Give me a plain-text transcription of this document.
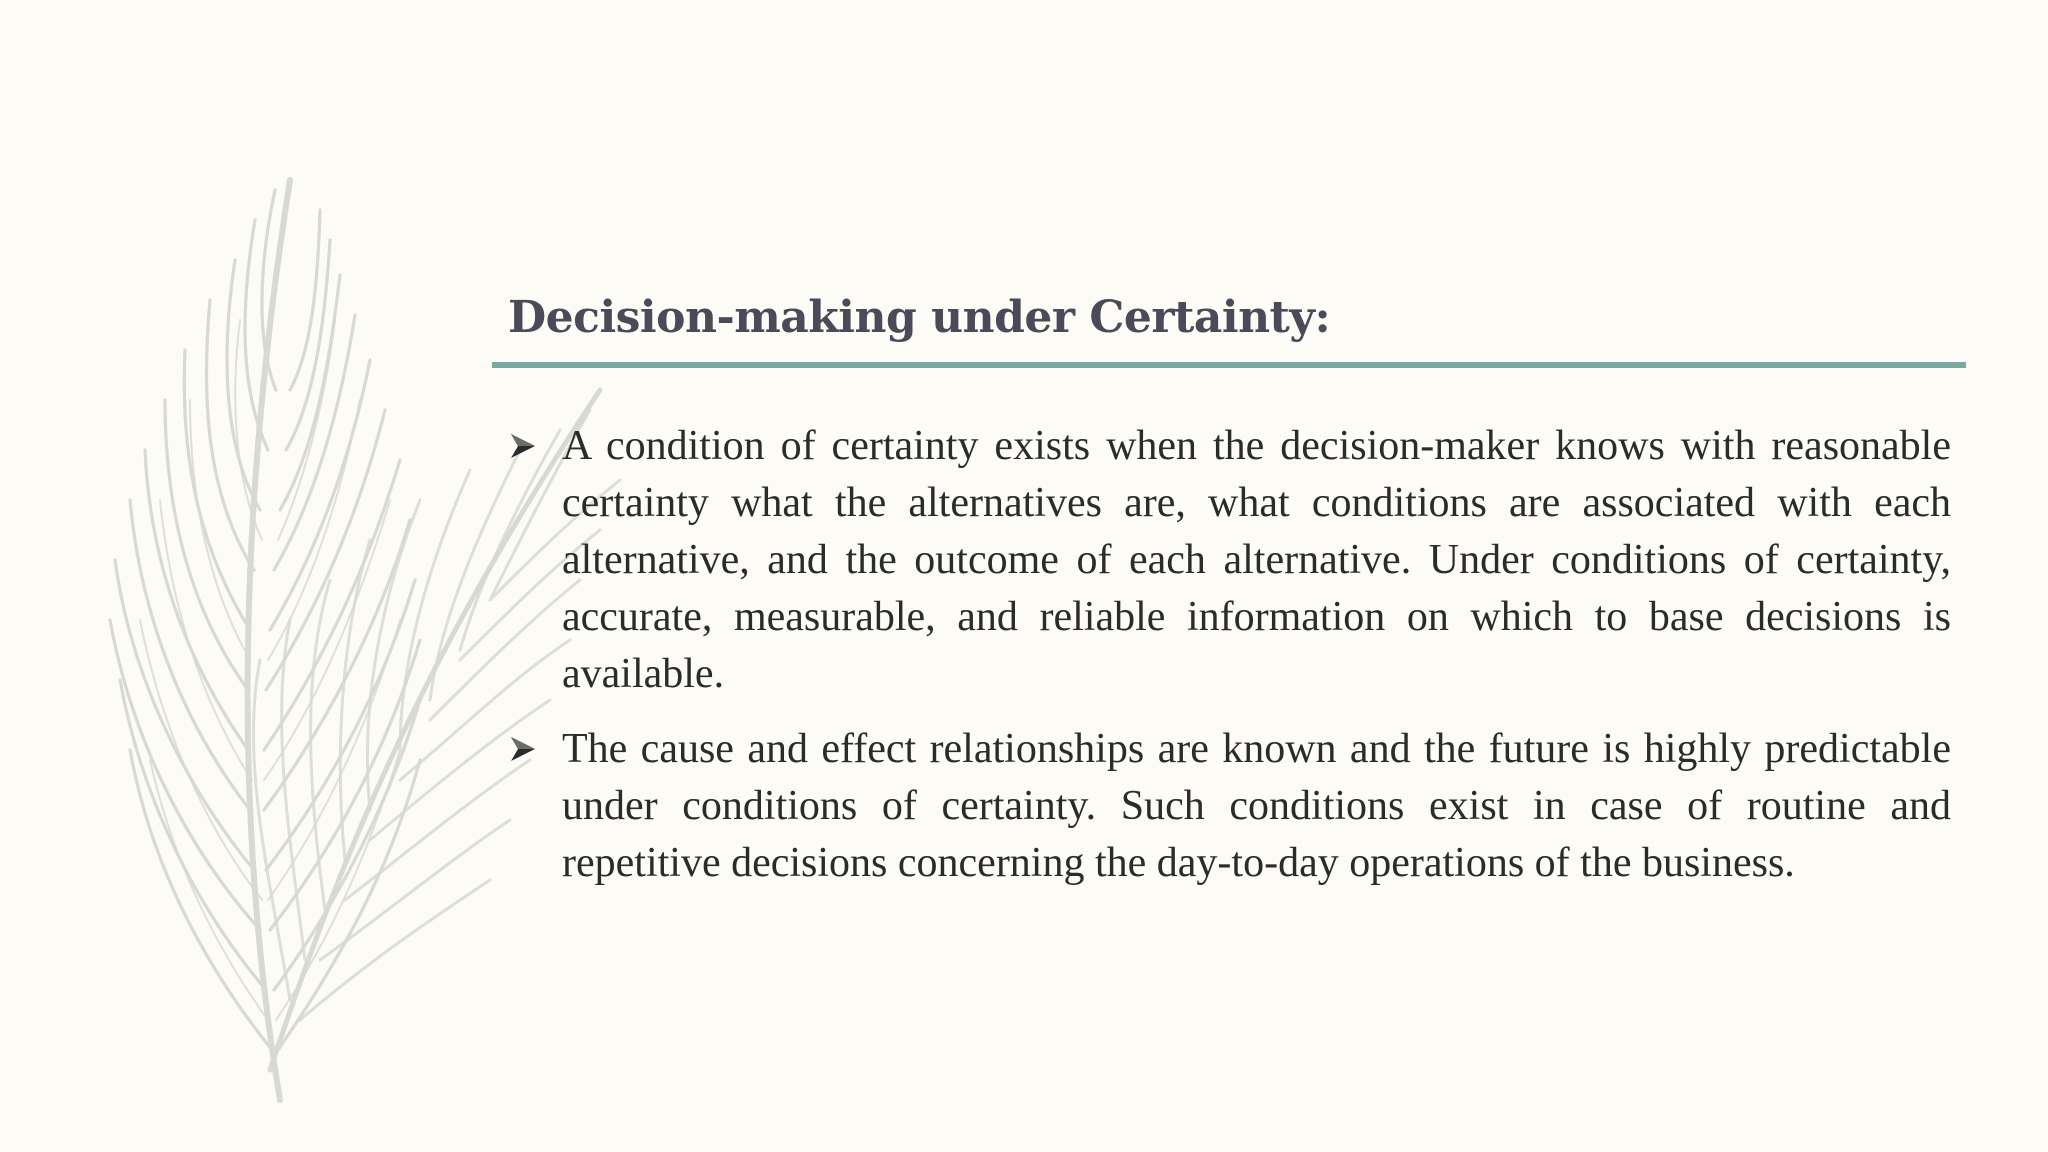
Decision-making under Certainty:
A condition of certainty exists when the decision-maker knows with reasonable certainty what the alternatives are, what conditions are associated with each alternative, and the outcome of each alternative. Under conditions of certainty, accurate, measurable, and reliable information on which to base decisions is available.
The cause and effect relationships are known and the future is highly predictable under conditions of certainty. Such conditions exist in case of routine and repetitive decisions concerning the day-to-day operations of the business.
